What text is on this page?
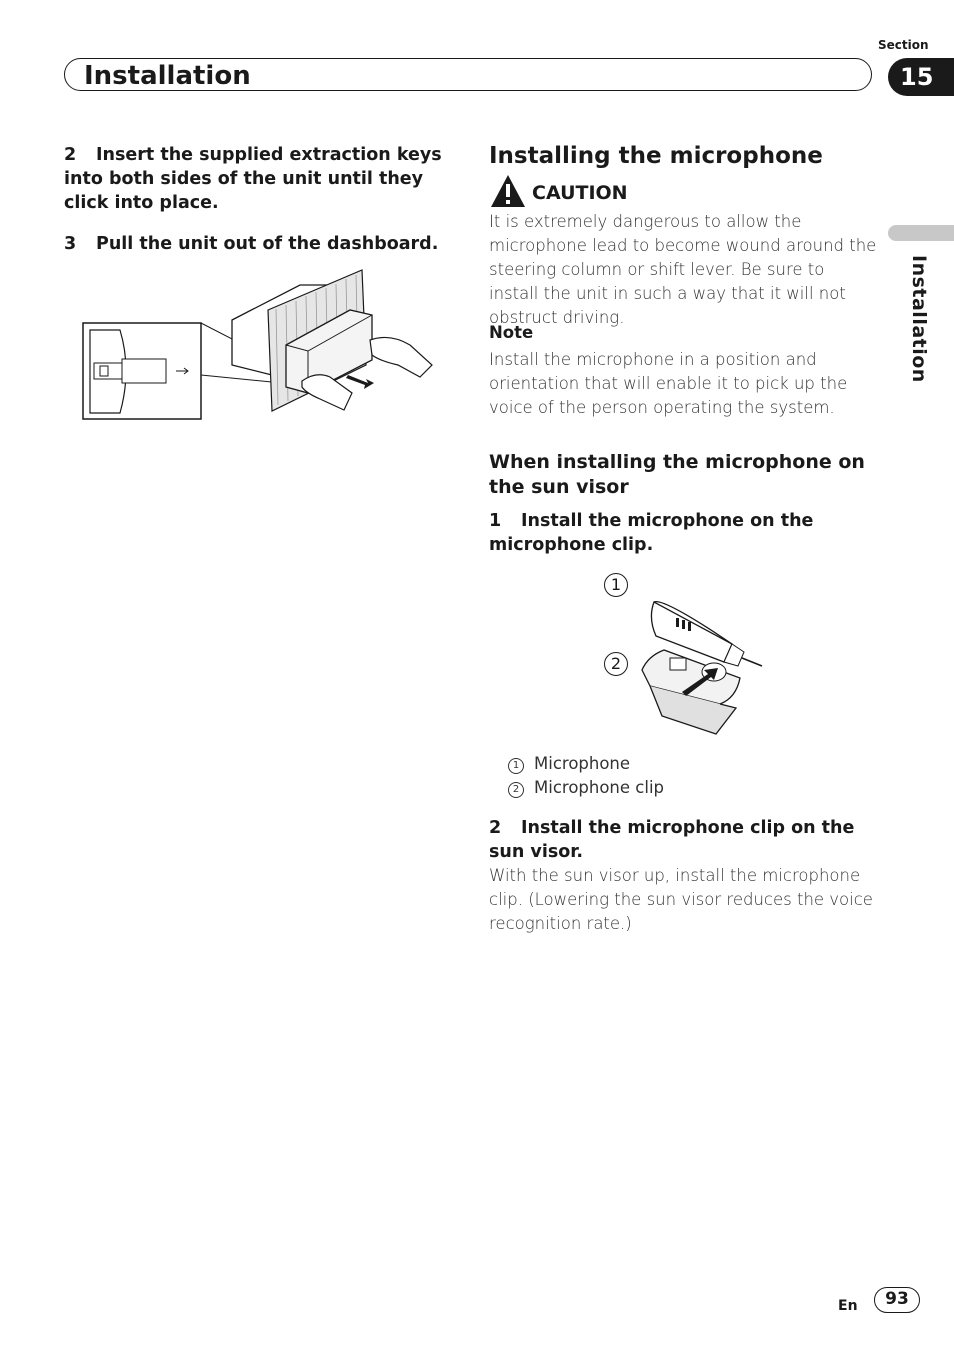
Section
Installation	15
Installation
2 Insert the supplied extraction keys into both sides of the unit until they click into place.
3 Pull the unit out of the dashboard.
Installing the microphone
CAUTION
It is extremely dangerous to allow the microphone lead to become wound around the steering column or shift lever. Be sure to install the unit in such a way that it will not obstruct driving.
Note
Install the microphone in a position and orientation that will enable it to pick up the voice of the person operating the system.
When installing the microphone on the sun visor
1 Install the microphone on the microphone clip.
1
2
1 Microphone
2 Microphone clip
2 Install the microphone clip on the sun visor.
With the sun visor up, install the microphone clip. (Lowering the sun visor reduces the voice recognition rate.)
En	93
